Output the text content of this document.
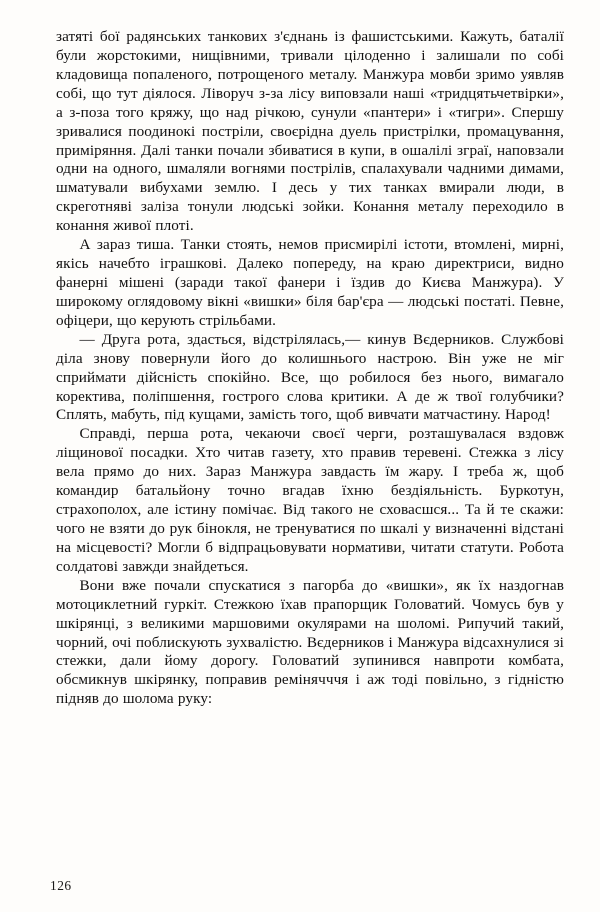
затяті бої радянських танкових з'єднань із фашистськими. Кажуть, баталії були жорстокими, нищівними, тривали цілоденно і залишали по собі кладовища попаленого, потрощеного металу. Манжура мовби зримо уявляв собі, що тут діялося. Ліворуч з-за лісу виповзали наші «тридцятьчетвірки», а з-поза того кряжу, що над річкою, сунули «пантери» і «тигри». Спершу зривалися поодинокі постріли, своєрідна дуель пристрілки, промацування, приміряння. Далі танки почали збиватися в купи, в ошалілі зграї, наповзали одни на одного, шмаляли вогнями пострілів, спалахували чадними димами, шматували вибухами землю. І десь у тих танках вмирали люди, в скреготняві заліза тонули людські зойки. Конання металу переходило в конання живої плоті.

А зараз тиша. Танки стоять, немов присмирілі істоти, втомлені, мирні, якісь начебто іграшкові. Далеко попереду, на краю директриси, видно фанерні мішені (заради такої фанери і їздив до Києва Манжура). У широкому оглядовому вікні «вишки» біля бар'єра — людські постаті. Певне, офіцери, що керують стрільбами.

— Друга рота, здасться, відстрілялась,— кинув Вєдерников. Службові діла знову повернули його до колишнього настрою. Він уже не міг сприймати дійсність спокійно. Все, що робилося без нього, вимагало коректива, поліпшення, гострого слова критики. А де ж твої голубчики? Сплять, мабуть, під кущами, замість того, щоб вивчати матчастину. Народ!

Справді, перша рота, чекаючи своєї черги, розташувалася вздовж ліщинової посадки. Хто читав газету, хто правив теревені. Стежка з лісу вела прямо до них. Зараз Манжура завдасть їм жару. І треба ж, щоб командир батальйону точно вгадав їхню бездіяльність. Буркотун, страхополох, але істину помічає. Від такого не сховасшся... Та й те скажи: чого не взяти до рук бінокля, не тренуватися по шкалі у визначенні відстані на місцевості? Могли б відпрацьовувати нормативи, читати статути. Робота солдатові завжди знайдеться.

Вони вже почали спускатися з пагорба до «вишки», як їх наздогнав мотоциклетний гуркіт. Стежкою їхав прапорщик Головатий. Чомусь був у шкірянці, з великими маршовими окулярами на шоломі. Рипучий такий, чорний, очі поблискують зухвалістю. Вєдерников і Манжура відсахнулися зі стежки, дали йому дорогу. Головатий зупинився навпроти комбата, обсмикнув шкірянку, поправив ремінячччя і аж тоді повільно, з гідністю підняв до шолома руку:

126
